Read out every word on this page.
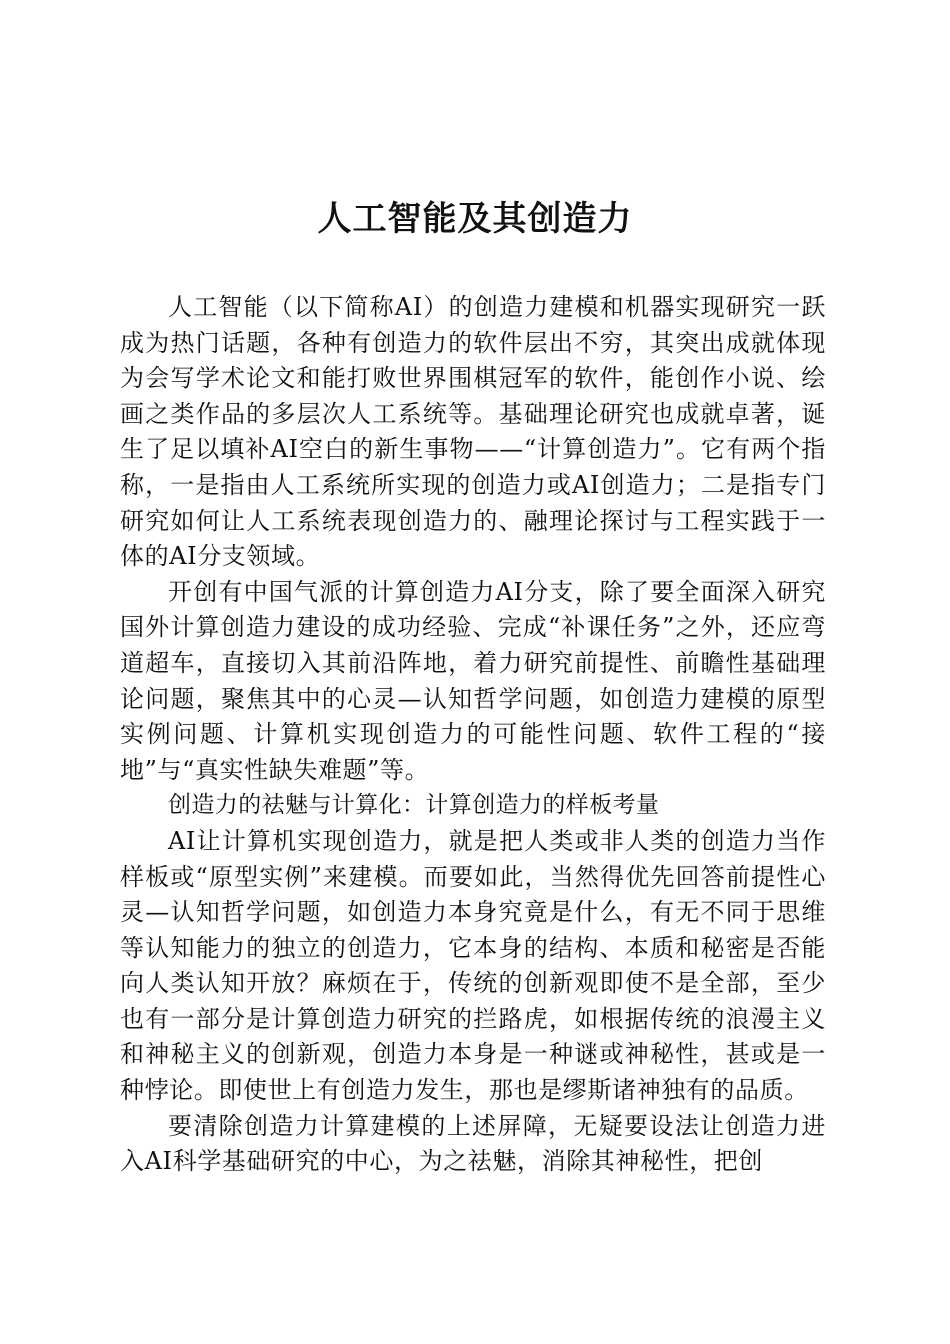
人工智能及其创造力

人工智能（以下简称AI）的创造力建模和机器实现研究一跃成为热门话题，各种有创造力的软件层出不穷，其突出成就体现为会写学术论文和能打败世界围棋冠军的软件，能创作小说、绘画之类作品的多层次人工系统等。基础理论研究也成就卓著，诞生了足以填补AI空白的新生事物——“计算创造力”。它有两个指称，一是指由人工系统所实现的创造力或AI创造力；二是指专门研究如何让人工系统表现创造力的、融理论探讨与工程实践于一体的AI分支领域。

开创有中国气派的计算创造力AI分支，除了要全面深入研究国外计算创造力建设的成功经验、完成“补课任务”之外，还应弯道超车，直接切入其前沿阵地，着力研究前提性、前瞻性基础理论问题，聚焦其中的心灵—认知哲学问题，如创造力建模的原型实例问题、计算机实现创造力的可能性问题、软件工程的“接地”与“真实性缺失难题”等。

创造力的祛魅与计算化：计算创造力的样板考量

AI让计算机实现创造力，就是把人类或非人类的创造力当作样板或“原型实例”来建模。而要如此，当然得优先回答前提性心灵—认知哲学问题，如创造力本身究竟是什么，有无不同于思维等认知能力的独立的创造力，它本身的结构、本质和秘密是否能向人类认知开放？麻烦在于，传统的创新观即使不是全部，至少也有一部分是计算创造力研究的拦路虎，如根据传统的浪漫主义和神秘主义的创新观，创造力本身是一种谜或神秘性，甚或是一种悖论。即使世上有创造力发生，那也是缪斯诸神独有的品质。

要清除创造力计算建模的上述屏障，无疑要设法让创造力进入AI科学基础研究的中心，为之祛魅，消除其神秘性，把创
